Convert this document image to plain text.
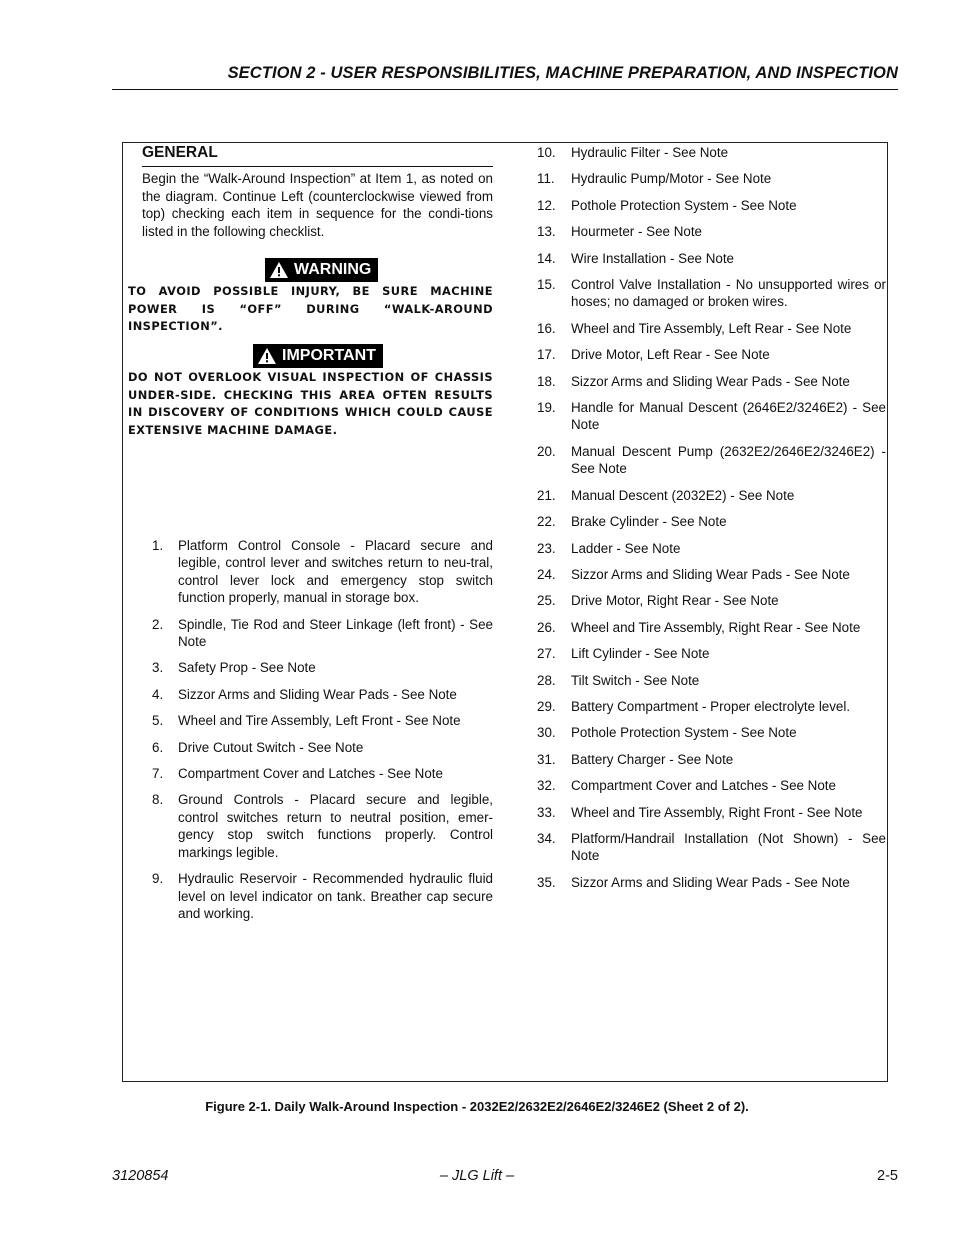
SECTION 2 - USER RESPONSIBILITIES, MACHINE PREPARATION, AND INSPECTION
GENERAL
Begin the “Walk-Around Inspection” at Item 1, as noted on the diagram. Continue Left (counterclockwise viewed from top) checking each item in sequence for the condi-tions listed in the following checklist.
WARNING
TO AVOID POSSIBLE INJURY, BE SURE MACHINE POWER IS “OFF” DURING “WALK-AROUND INSPECTION”.
IMPORTANT
DO NOT OVERLOOK VISUAL INSPECTION OF CHASSIS UNDER-SIDE. CHECKING THIS AREA OFTEN RESULTS IN DISCOVERY OF CONDITIONS WHICH COULD CAUSE EXTENSIVE MACHINE DAMAGE.
1.	Platform Control Console - Placard secure and legible, control lever and switches return to neu-tral, control lever lock and emergency stop switch function properly, manual in storage box.
2.	Spindle, Tie Rod and Steer Linkage (left front) - See Note
3.	Safety Prop - See Note
4.	Sizzor Arms and Sliding Wear Pads - See Note
5.	Wheel and Tire Assembly, Left Front - See Note
6.	Drive Cutout Switch - See Note
7.	Compartment Cover and Latches - See Note
8.	Ground Controls - Placard secure and legible, control switches return to neutral position, emer-gency stop switch functions properly. Control markings legible.
9.	Hydraulic Reservoir - Recommended hydraulic fluid level on level indicator on tank. Breather cap secure and working.
10.	Hydraulic Filter - See Note
11.	Hydraulic Pump/Motor - See Note
12.	Pothole Protection System - See Note
13.	Hourmeter - See Note
14.	Wire Installation - See Note
15.	Control Valve Installation - No unsupported wires or hoses; no damaged or broken wires.
16.	Wheel and Tire Assembly, Left Rear - See Note
17.	Drive Motor, Left Rear - See Note
18.	Sizzor Arms and Sliding Wear Pads - See Note
19.	Handle for Manual Descent (2646E2/3246E2) - See Note
20.	Manual Descent Pump (2632E2/2646E2/3246E2) - See Note
21.	Manual Descent (2032E2) - See Note
22.	Brake Cylinder - See Note
23.	Ladder - See Note
24.	Sizzor Arms and Sliding Wear Pads - See Note
25.	Drive Motor, Right Rear - See Note
26.	Wheel and Tire Assembly, Right Rear - See Note
27.	Lift Cylinder - See Note
28.	Tilt Switch - See Note
29.	Battery Compartment - Proper electrolyte level.
30.	Pothole Protection System - See Note
31.	Battery Charger - See Note
32.	Compartment Cover and Latches - See Note
33.	Wheel and Tire Assembly, Right Front - See Note
34.	Platform/Handrail Installation (Not Shown) - See Note
35.	Sizzor Arms and Sliding Wear Pads - See Note
Figure 2-1. Daily Walk-Around Inspection - 2032E2/2632E2/2646E2/3246E2 (Sheet 2 of 2).
3120854	– JLG Lift –	2-5
